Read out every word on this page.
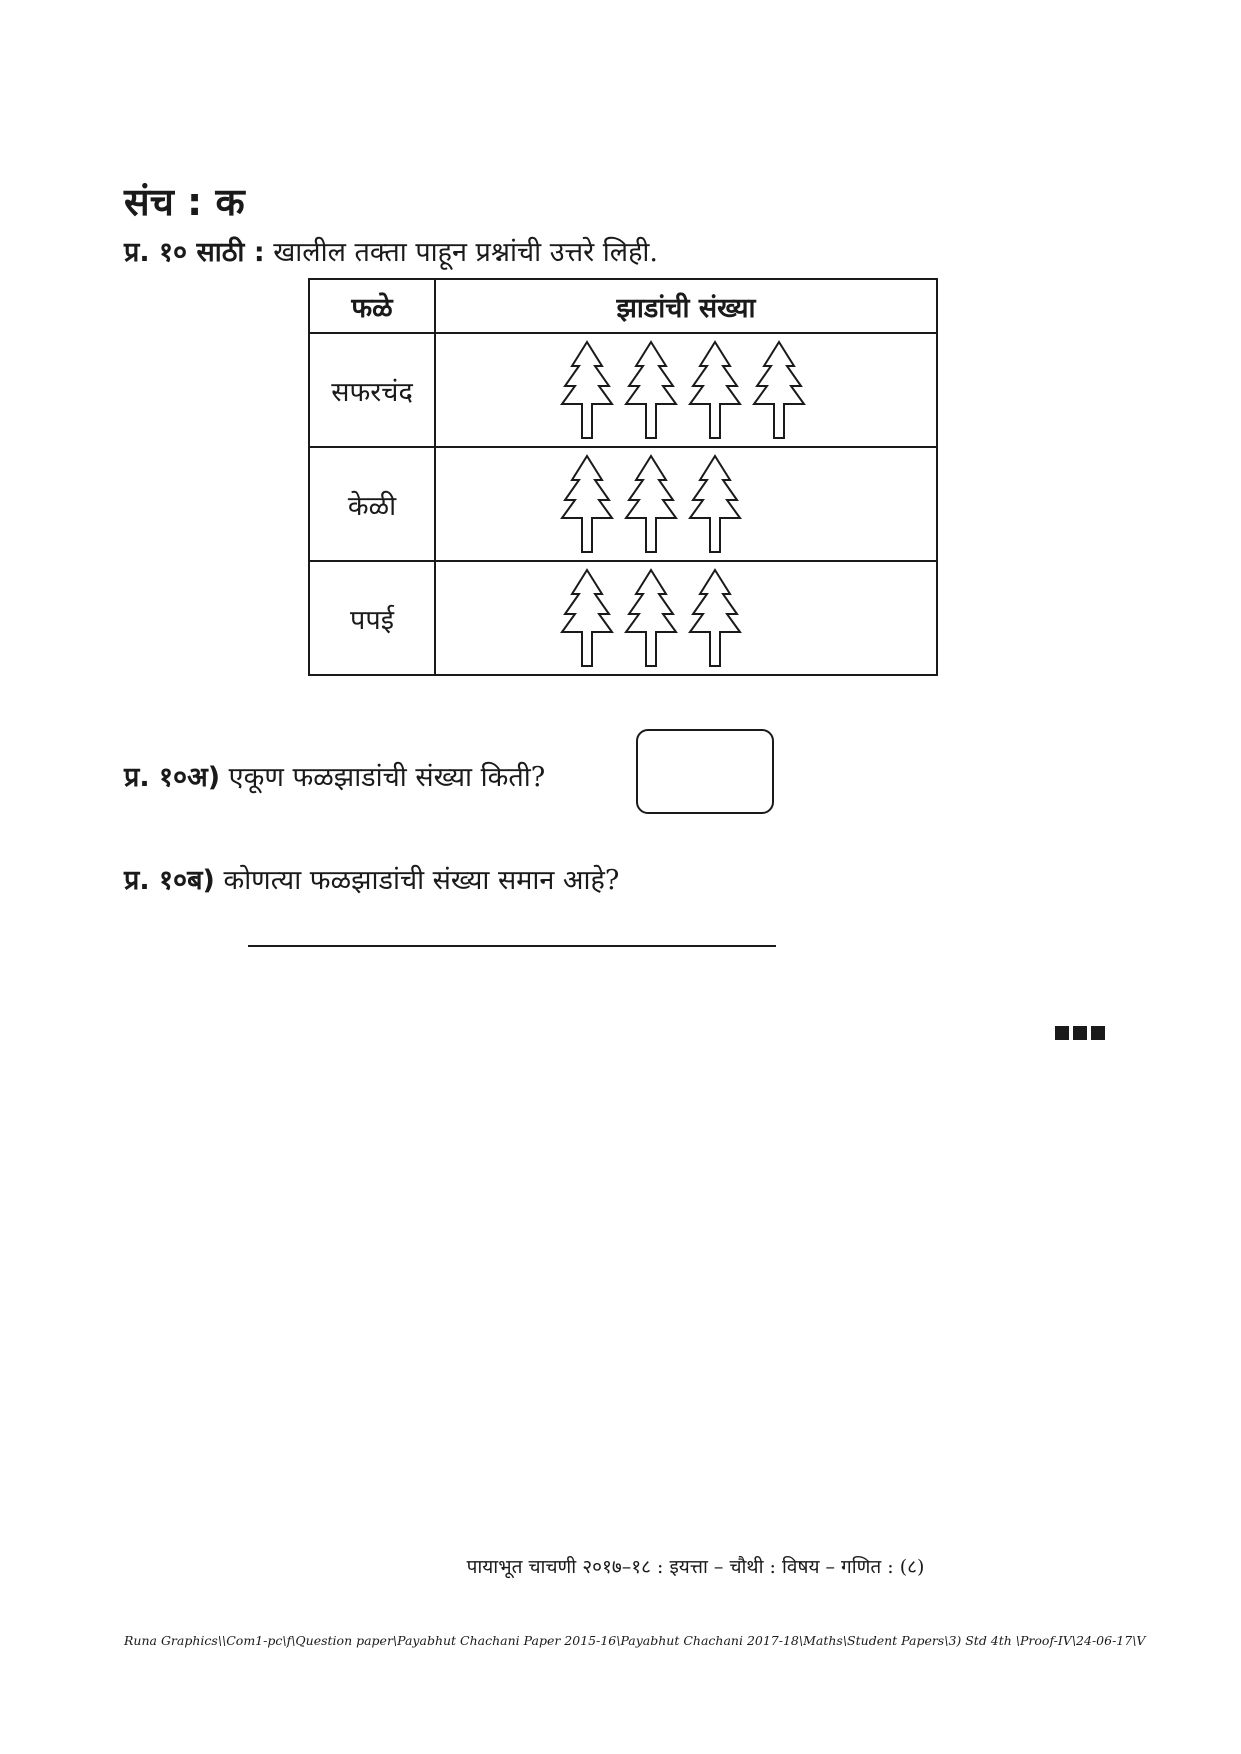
संच : क
प्र. १० साठी : खालील तक्ता पाहून प्रश्नांची उत्तरे लिही.
फळे	झाडांची संख्या
सफरचंद	

केळी	

पपई	
प्र. १०अ) एकूण फळझाडांची संख्या किती?
प्र. १०ब) कोणत्या फळझाडांची संख्या समान आहे?
पायाभूत चाचणी २०१७–१८ : इयत्ता – चौथी : विषय – गणित : (८)
Runa Graphics\\Com1-pc\f\Question paper\Payabhut Chachani Paper 2015-16\Payabhut Chachani 2017-18\Maths\Student Papers\3) Std 4th \Proof-IV\24-06-17\V
